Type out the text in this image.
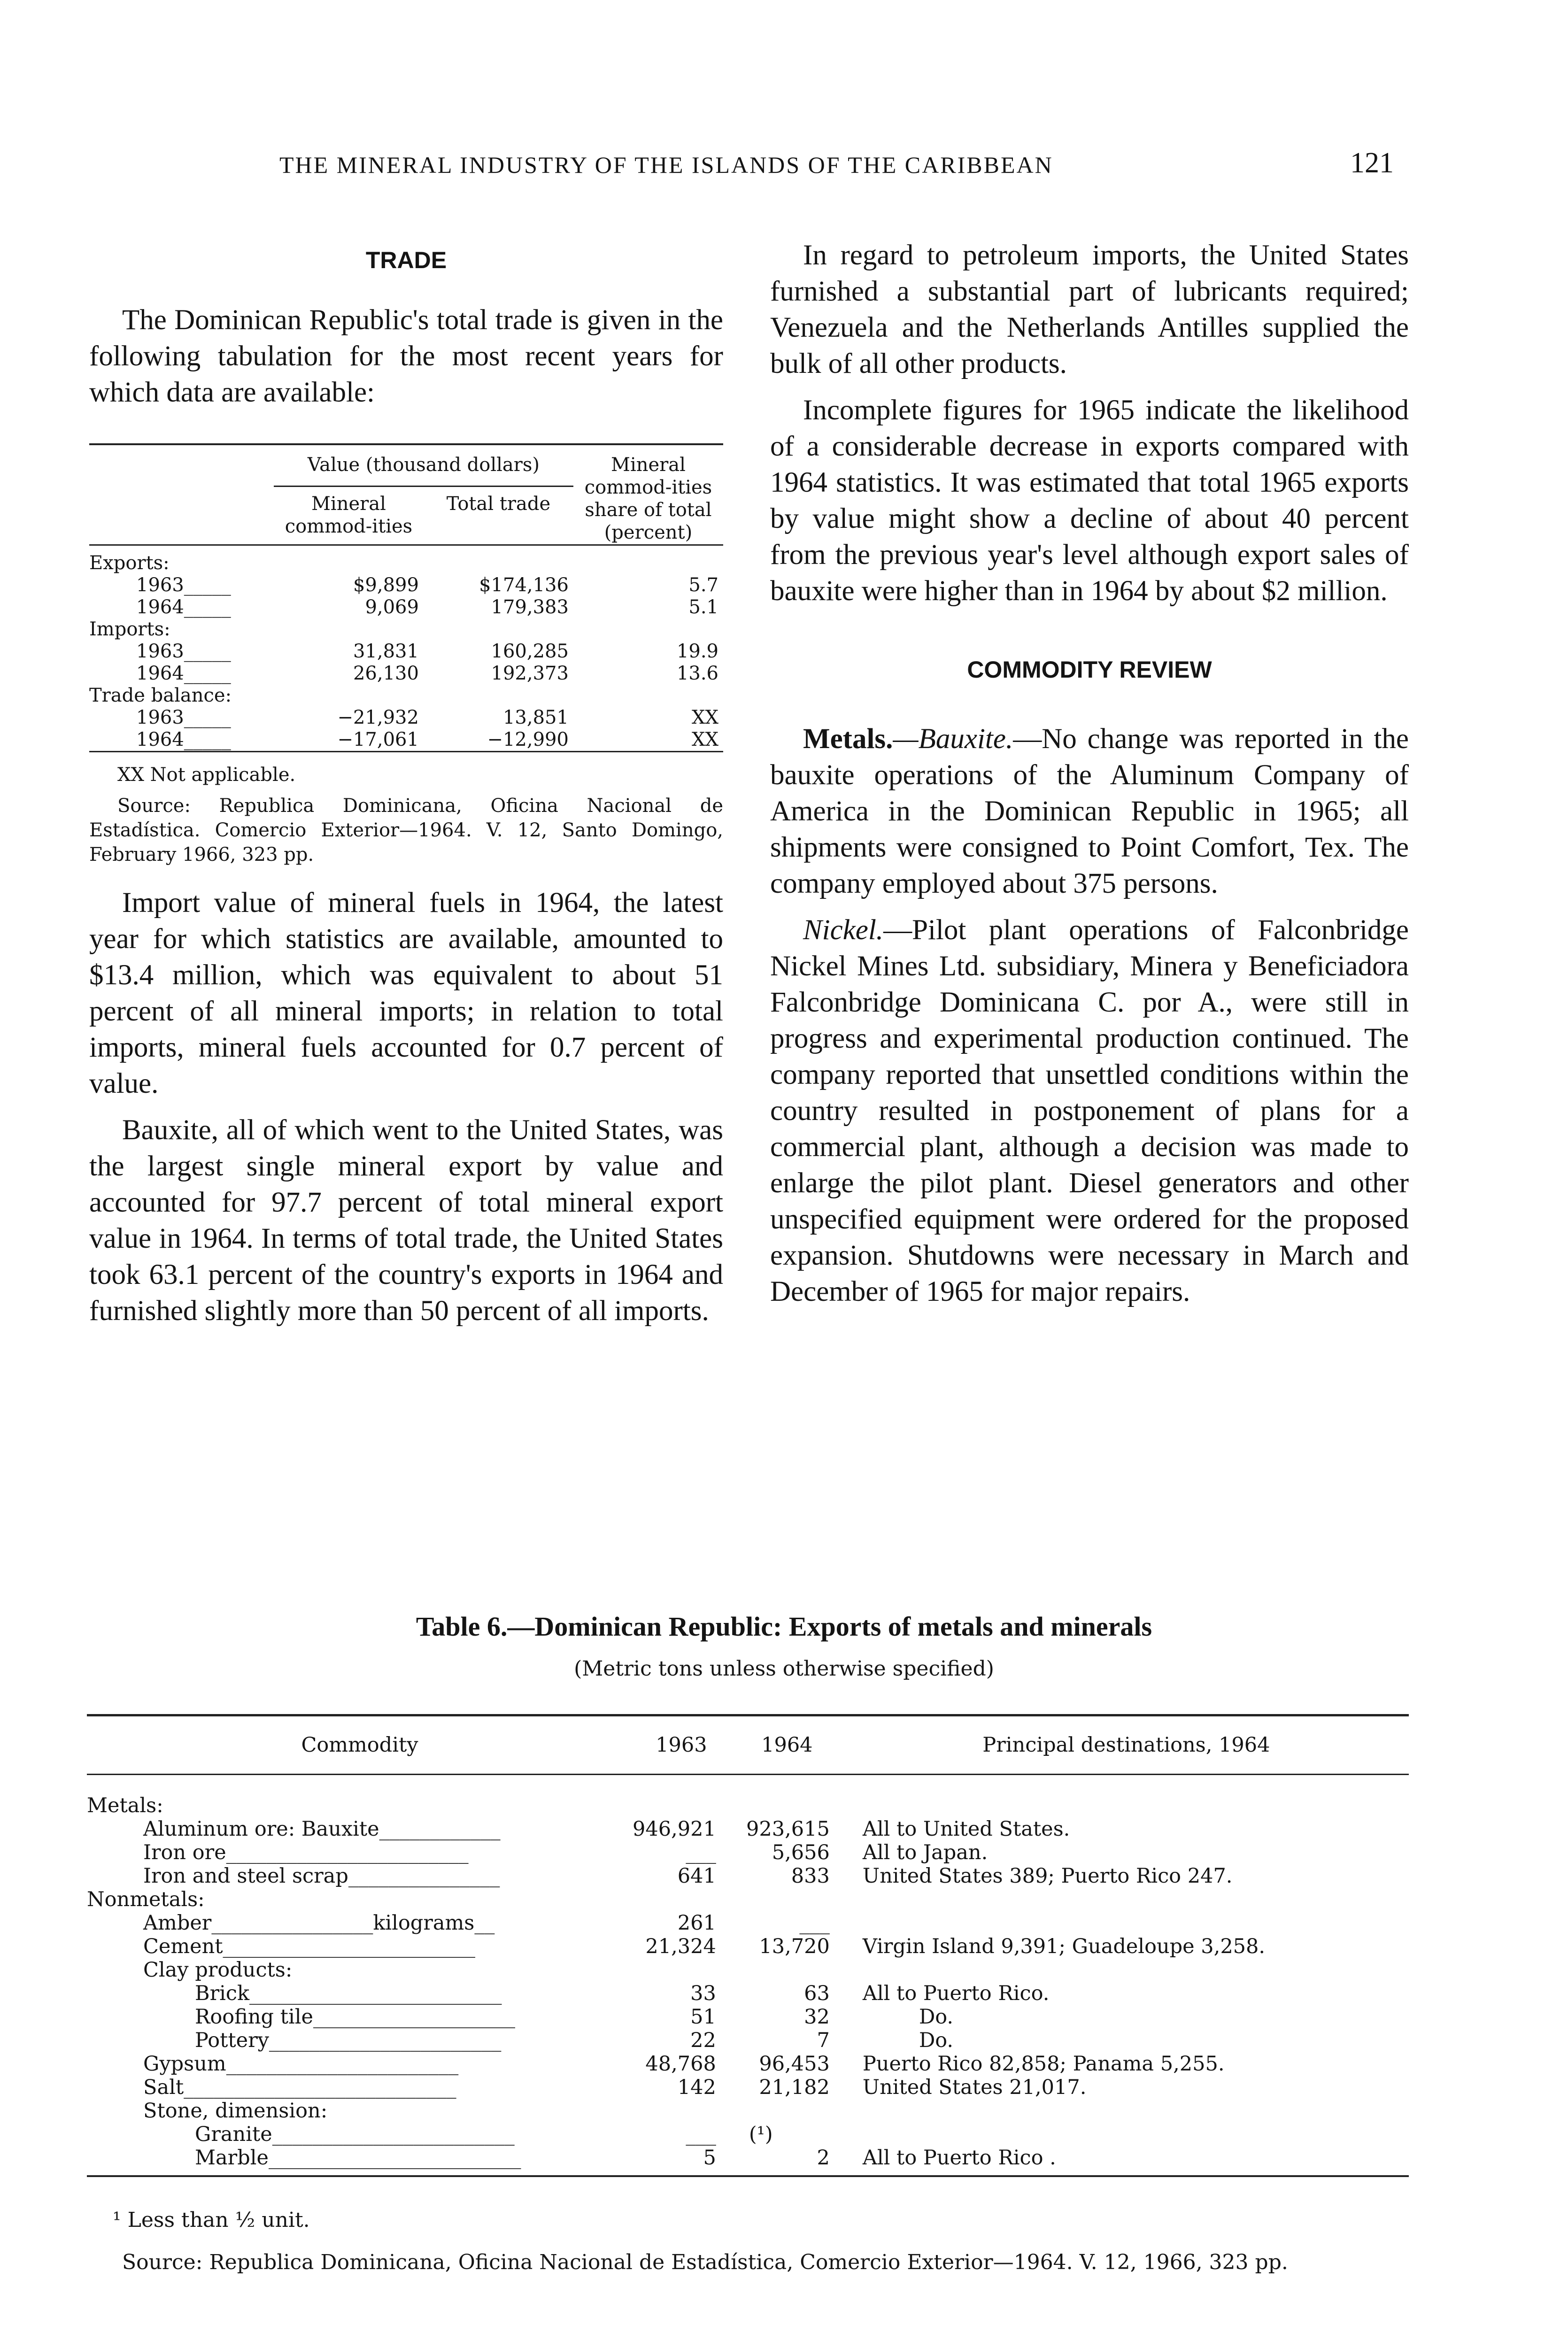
THE MINERAL INDUSTRY OF THE ISLANDS OF THE CARIBBEAN	121
TRADE

The Dominican Republic's total trade is given in the following tabulation for the most recent years for which data are available:

	Value (thousand dollars)		Mineral commod-ities share of total (percent)
	Mineral commod-ities	Total trade	

Exports:			
1963_____	$9,899	$174,136	5.7
1964_____	9,069	179,383	5.1
Imports:			
1963_____	31,831	160,285	19.9
1964_____	26,130	192,373	13.6
Trade balance:			
1963_____	−21,932	13,851	XX
1964_____	−17,061	−12,990	XX

XX Not applicable.

Source: Republica Dominicana, Oficina Nacional de Estadística. Comercio Exterior—1964. V. 12, Santo Domingo, February 1966, 323 pp.

Import value of mineral fuels in 1964, the latest year for which statistics are available, amounted to $13.4 million, which was equivalent to about 51 percent of all mineral imports; in relation to total imports, mineral fuels accounted for 0.7 percent of value.

Bauxite, all of which went to the United States, was the largest single mineral export by value and accounted for 97.7 percent of total mineral export value in 1964. In terms of total trade, the United States took 63.1 percent of the country's exports in 1964 and furnished slightly more than 50 percent of all imports.

In regard to petroleum imports, the United States furnished a substantial part of lubricants required; Venezuela and the Netherlands Antilles supplied the bulk of all other products.

Incomplete figures for 1965 indicate the likelihood of a considerable decrease in exports compared with 1964 statistics. It was estimated that total 1965 exports by value might show a decline of about 40 percent from the previous year's level although export sales of bauxite were higher than in 1964 by about $2 million.

COMMODITY REVIEW

Metals.—Bauxite.—No change was reported in the bauxite operations of the Aluminum Company of America in the Dominican Republic in 1965; all shipments were consigned to Point Comfort, Tex. The company employed about 375 persons.

Nickel.—Pilot plant operations of Falconbridge Nickel Mines Ltd. subsidiary, Minera y Beneficiadora Falconbridge Dominicana C. por A., were still in progress and experimental production continued. The company reported that unsettled conditions within the country resulted in postponement of plans for a commercial plant, although a decision was made to enlarge the pilot plant. Diesel generators and other unspecified equipment were ordered for the proposed expansion. Shutdowns were necessary in March and December of 1965 for major repairs.

Table 6.—Dominican Republic: Exports of metals and minerals
(Metric tons unless otherwise specified)
Commodity	1963	1964	Principal destinations, 1964

Metals:			
Aluminum ore: Bauxite____________	946,921	923,615	All to United States.
Iron ore________________________	___	5,656	All to Japan.
Iron and steel scrap_______________	641	833	United States 389; Puerto Rico 247.
Nonmetals:			
Amber________________kilograms__	261	___	
Cement_________________________	21,324	13,720	Virgin Island 9,391; Guadeloupe 3,258.
Clay products:			
Brick_________________________	33	63	All to Puerto Rico.
Roofing tile____________________	51	32	Do.
Pottery_______________________	22	7	Do.
Gypsum_______________________	48,768	96,453	Puerto Rico 82,858; Panama 5,255.
Salt___________________________	142	21,182	United States 21,017.
Stone, dimension:			
Granite________________________	___	(¹)	
Marble_________________________	5	2	All to Puerto Rico .

¹ Less than ½ unit.

Source: Republica Dominicana, Oficina Nacional de Estadística, Comercio Exterior—1964. V. 12, 1966, 323 pp.
